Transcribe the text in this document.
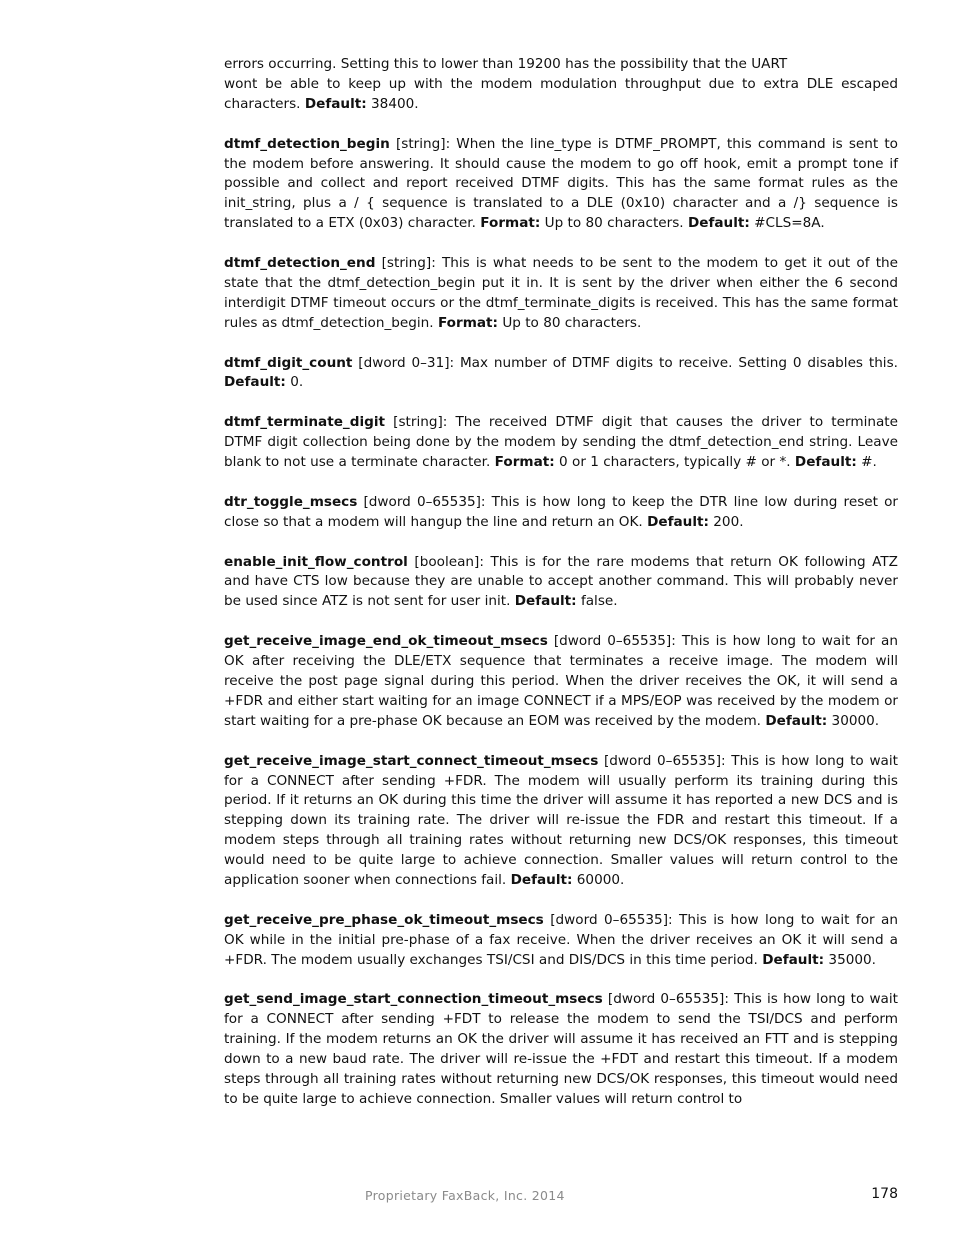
errors occurring. Setting this to lower than 19200 has the possibility that the UART
wont be able to keep up with the modem modulation throughput due to extra DLE escaped characters. Default: 38400.

dtmf_detection_begin [string]: When the line_type is DTMF_PROMPT, this command is sent to the modem before answering. It should cause the modem to go off hook, emit a prompt tone if possible and collect and report received DTMF digits. This has the same format rules as the init_string, plus a / { sequence is translated to a DLE (0x10) character and a /} sequence is translated to a ETX (0x03) character. Format: Up to 80 characters. Default: #CLS=8A.

dtmf_detection_end [string]: This is what needs to be sent to the modem to get it out of the state that the dtmf_detection_begin put it in. It is sent by the driver when either the 6 second interdigit DTMF timeout occurs or the dtmf_terminate_digits is received. This has the same format rules as dtmf_detection_begin. Format: Up to 80 characters.

dtmf_digit_count [dword 0–31]: Max number of DTMF digits to receive. Setting 0 disables this. Default: 0.

dtmf_terminate_digit [string]: The received DTMF digit that causes the driver to terminate DTMF digit collection being done by the modem by sending the dtmf_detection_end string. Leave blank to not use a terminate character. Format: 0 or 1 characters, typically # or *. Default: #.

dtr_toggle_msecs [dword 0–65535]: This is how long to keep the DTR line low during reset or close so that a modem will hangup the line and return an OK. Default: 200.

enable_init_flow_control [boolean]: This is for the rare modems that return OK following ATZ and have CTS low because they are unable to accept another command. This will probably never be used since ATZ is not sent for user init. Default: false.

get_receive_image_end_ok_timeout_msecs [dword 0–65535]: This is how long to wait for an OK after receiving the DLE/ETX sequence that terminates a receive image. The modem will receive the post page signal during this period. When the driver receives the OK, it will send a +FDR and either start waiting for an image CONNECT if a MPS/EOP was received by the modem or start waiting for a pre-phase OK because an EOM was received by the modem. Default: 30000.

get_receive_image_start_connect_timeout_msecs [dword 0–65535]: This is how long to wait for a CONNECT after sending +FDR. The modem will usually perform its training during this period. If it returns an OK during this time the driver will assume it has reported a new DCS and is stepping down its training rate. The driver will re-issue the FDR and restart this timeout. If a modem steps through all training rates without returning new DCS/OK responses, this timeout would need to be quite large to achieve connection. Smaller values will return control to the application sooner when connections fail. Default: 60000.

get_receive_pre_phase_ok_timeout_msecs [dword 0–65535]: This is how long to wait for an OK while in the initial pre-phase of a fax receive. When the driver receives an OK it will send a +FDR. The modem usually exchanges TSI/CSI and DIS/DCS in this time period. Default: 35000.

get_send_image_start_connection_timeout_msecs [dword 0–65535]: This is how long to wait for a CONNECT after sending +FDT to release the modem to send the TSI/DCS and perform training. If the modem returns an OK the driver will assume it has received an FTT and is stepping down to a new baud rate. The driver will re-issue the +FDT and restart this timeout. If a modem steps through all training rates without returning new DCS/OK responses, this timeout would need to be quite large to achieve connection. Smaller values will return control to

Proprietary FaxBack, Inc. 2014	178
